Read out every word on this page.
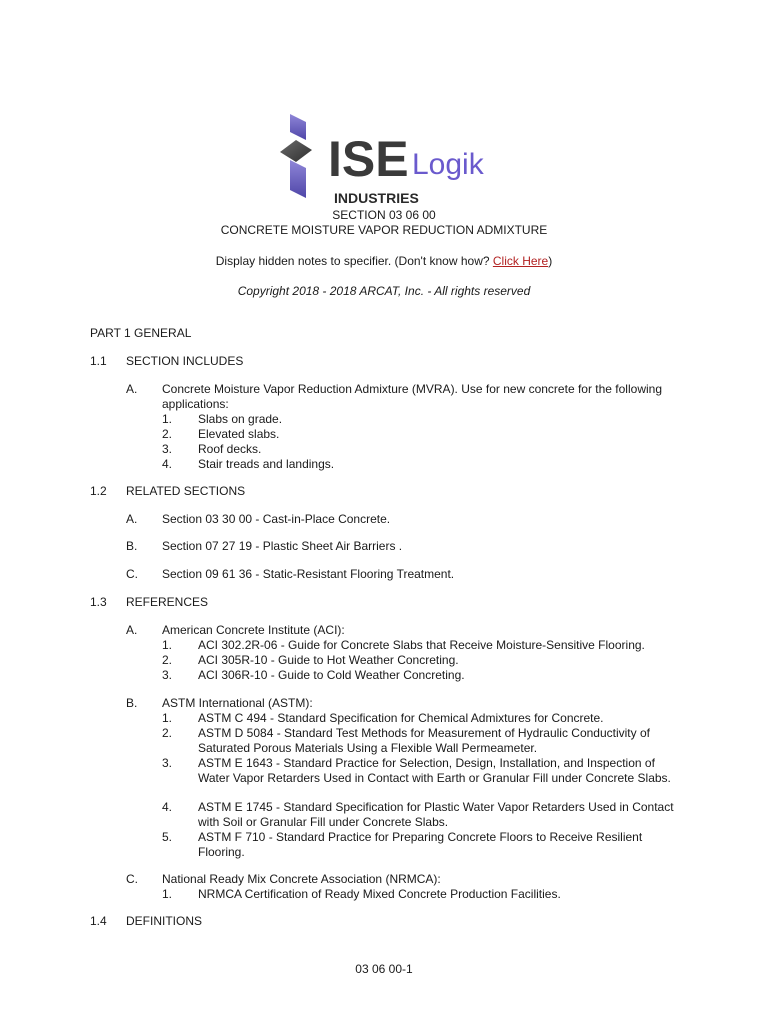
ISE Logik
INDUSTRIES
SECTION 03 06 00
CONCRETE MOISTURE VAPOR REDUCTION ADMIXTURE
Display hidden notes to specifier. (Don't know how? Click Here)
Copyright 2018 - 2018 ARCAT, Inc. - All rights reserved
PART 1 GENERAL
1.1 SECTION INCLUDES
A. Concrete Moisture Vapor Reduction Admixture (MVRA). Use for new concrete for the following applications:
1. Slabs on grade.
2. Elevated slabs.
3. Roof decks.
4. Stair treads and landings.
1.2 RELATED SECTIONS
A. Section 03 30 00 - Cast-in-Place Concrete.
B. Section 07 27 19 - Plastic Sheet Air Barriers .
C. Section 09 61 36 - Static-Resistant Flooring Treatment.
1.3 REFERENCES
A. American Concrete Institute (ACI):
1. ACI 302.2R-06 - Guide for Concrete Slabs that Receive Moisture-Sensitive Flooring.
2. ACI 305R-10 - Guide to Hot Weather Concreting.
3. ACI 306R-10 - Guide to Cold Weather Concreting.
B. ASTM International (ASTM):
1. ASTM C 494 - Standard Specification for Chemical Admixtures for Concrete.
2. ASTM D 5084 - Standard Test Methods for Measurement of Hydraulic Conductivity of Saturated Porous Materials Using a Flexible Wall Permeameter.
3. ASTM E 1643 - Standard Practice for Selection, Design, Installation, and Inspection of Water Vapor Retarders Used in Contact with Earth or Granular Fill under Concrete Slabs.
4. ASTM E 1745 - Standard Specification for Plastic Water Vapor Retarders Used in Contact with Soil or Granular Fill under Concrete Slabs.
5. ASTM F 710 - Standard Practice for Preparing Concrete Floors to Receive Resilient Flooring.
C. National Ready Mix Concrete Association (NRMCA):
1. NRMCA Certification of Ready Mixed Concrete Production Facilities.
1.4 DEFINITIONS
03 06 00-1
